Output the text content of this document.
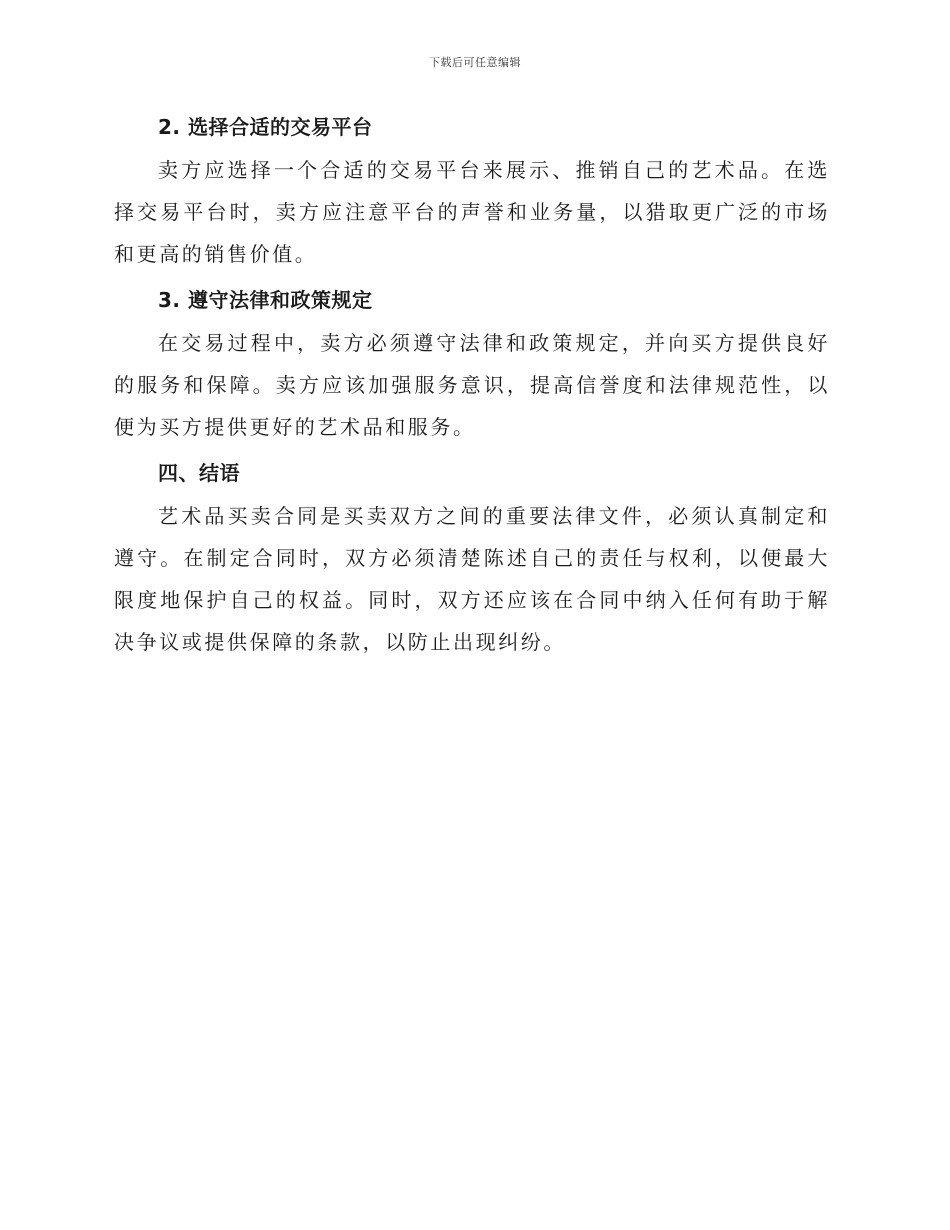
下载后可任意编辑
2. 选择合适的交易平台

卖方应选择一个合适的交易平台来展示、推销自己的艺术品。在选择交易平台时，卖方应注意平台的声誉和业务量，以猎取更广泛的市场和更高的销售价值。

3. 遵守法律和政策规定

在交易过程中，卖方必须遵守法律和政策规定，并向买方提供良好的服务和保障。卖方应该加强服务意识，提高信誉度和法律规范性，以便为买方提供更好的艺术品和服务。

四、结语

艺术品买卖合同是买卖双方之间的重要法律文件，必须认真制定和遵守。在制定合同时，双方必须清楚陈述自己的责任与权利，以便最大限度地保护自己的权益。同时，双方还应该在合同中纳入任何有助于解决争议或提供保障的条款，以防止出现纠纷。
